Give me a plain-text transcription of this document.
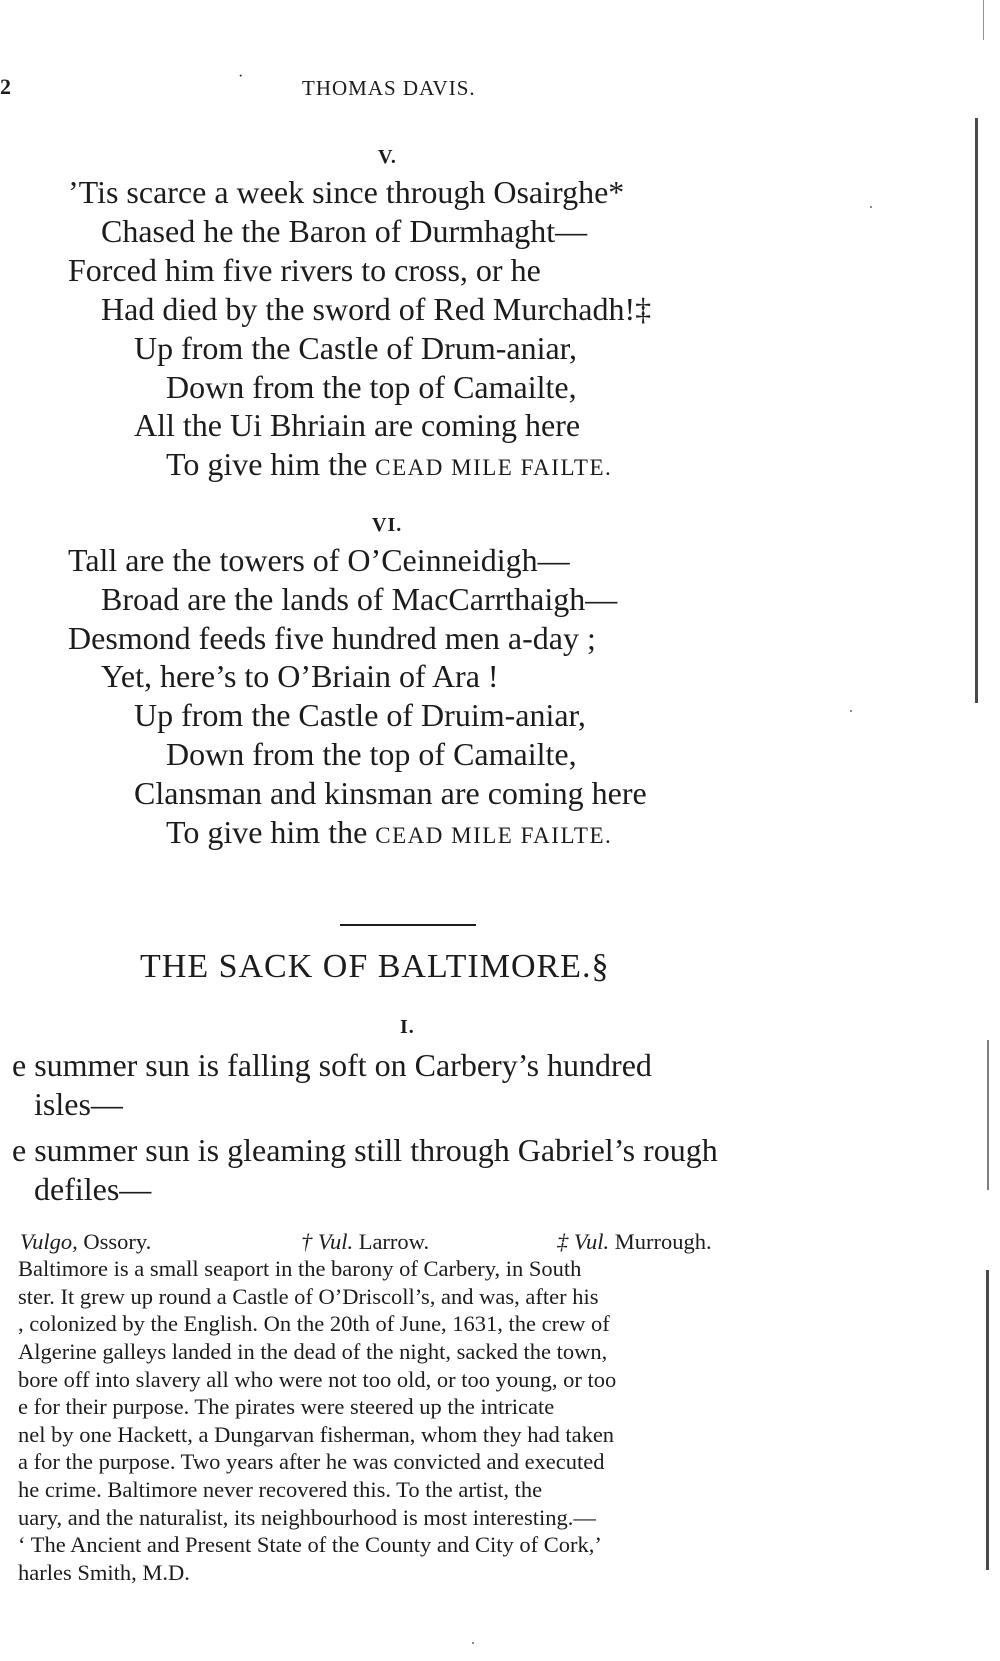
2	·	THOMAS DAVIS.
V.
’Tis scarce a week since through Osairghe*
Chased he the Baron of Durmhaght—
Forced him five rivers to cross, or he
Had died by the sword of Red Murchadh!‡
Up from the Castle of Drum-aniar,
Down from the top of Camailte,
All the Ui Bhriain are coming here
To give him the CEAD MILE FAILTE.
VI.
Tall are the towers of O’Ceinneidigh—
Broad are the lands of MacCarrthaigh—
Desmond feeds five hundred men a-day ;
Yet, here’s to O’Briain of Ara !
Up from the Castle of Druim-aniar,
Down from the top of Camailte,
Clansman and kinsman are coming here
To give him the CEAD MILE FAILTE.
THE SACK OF BALTIMORE.§
I.
e summer sun is falling soft on Carbery’s hundred
isles—
e summer sun is gleaming still through Gabriel’s rough
defiles—
Vulgo, Ossory.	† Vul. Larrow.	‡ Vul. Murrough.
Baltimore is a small seaport in the barony of Carbery, in South
ster. It grew up round a Castle of O’Driscoll’s, and was, after his
, colonized by the English. On the 20th of June, 1631, the crew of
Algerine galleys landed in the dead of the night, sacked the town,
bore off into slavery all who were not too old, or too young, or too
e for their purpose. The pirates were steered up the intricate
nel by one Hackett, a Dungarvan fisherman, whom they had taken
a for the purpose. Two years after he was convicted and executed
he crime. Baltimore never recovered this. To the artist, the
uary, and the naturalist, its neighbourhood is most interesting.—
‘ The Ancient and Present State of the County and City of Cork,’
harles Smith, M.D.
